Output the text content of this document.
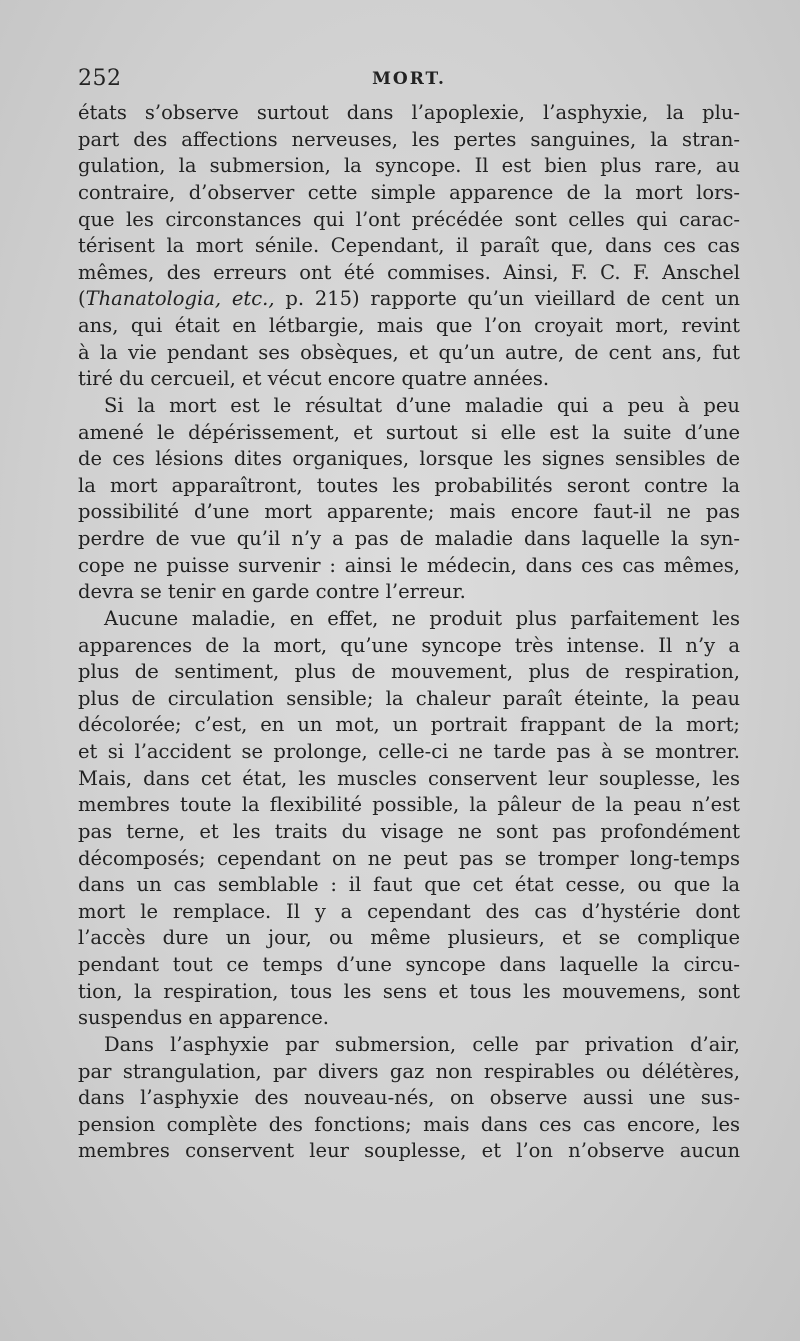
252	MORT.
états s’observe surtout dans l’apoplexie, l’asphyxie, la plu-
part des affections nerveuses, les pertes sanguines, la stran-
gulation, la submersion, la syncope. Il est bien plus rare, au
contraire, d’observer cette simple apparence de la mort lors-
que les circonstances qui l’ont précédée sont celles qui carac-
térisent la mort sénile. Cependant, il paraît que, dans ces cas
mêmes, des erreurs ont été commises. Ainsi, F. C. F. Anschel
(Thanatologia, etc., p. 215) rapporte qu’un vieillard de cent un
ans, qui était en létbargie, mais que l’on croyait mort, revint
à la vie pendant ses obsèques, et qu’un autre, de cent ans, fut
tiré du cercueil, et vécut encore quatre années.
Si la mort est le résultat d’une maladie qui a peu à peu
amené le dépérissement, et surtout si elle est la suite d’une
de ces lésions dites organiques, lorsque les signes sensibles de
la mort apparaîtront, toutes les probabilités seront contre la
possibilité d’une mort apparente; mais encore faut-il ne pas
perdre de vue qu’il n’y a pas de maladie dans laquelle la syn-
cope ne puisse survenir : ainsi le médecin, dans ces cas mêmes,
devra se tenir en garde contre l’erreur.
Aucune maladie, en effet, ne produit plus parfaitement les
apparences de la mort, qu’une syncope très intense. Il n’y a
plus de sentiment, plus de mouvement, plus de respiration,
plus de circulation sensible; la chaleur paraît éteinte, la peau
décolorée; c’est, en un mot, un portrait frappant de la mort;
et si l’accident se prolonge, celle-ci ne tarde pas à se montrer.
Mais, dans cet état, les muscles conservent leur souplesse, les
membres toute la flexibilité possible, la pâleur de la peau n’est
pas terne, et les traits du visage ne sont pas profondément
décomposés; cependant on ne peut pas se tromper long-temps
dans un cas semblable : il faut que cet état cesse, ou que la
mort le remplace. Il y a cependant des cas d’hystérie dont
l’accès dure un jour, ou même plusieurs, et se complique
pendant tout ce temps d’une syncope dans laquelle la circu-
tion, la respiration, tous les sens et tous les mouvemens, sont
suspendus en apparence.
Dans l’asphyxie par submersion, celle par privation d’air,
par strangulation, par divers gaz non respirables ou délétères,
dans l’asphyxie des nouveau-nés, on observe aussi une sus-
pension complète des fonctions; mais dans ces cas encore, les
membres conservent leur souplesse, et l’on n’observe aucun
